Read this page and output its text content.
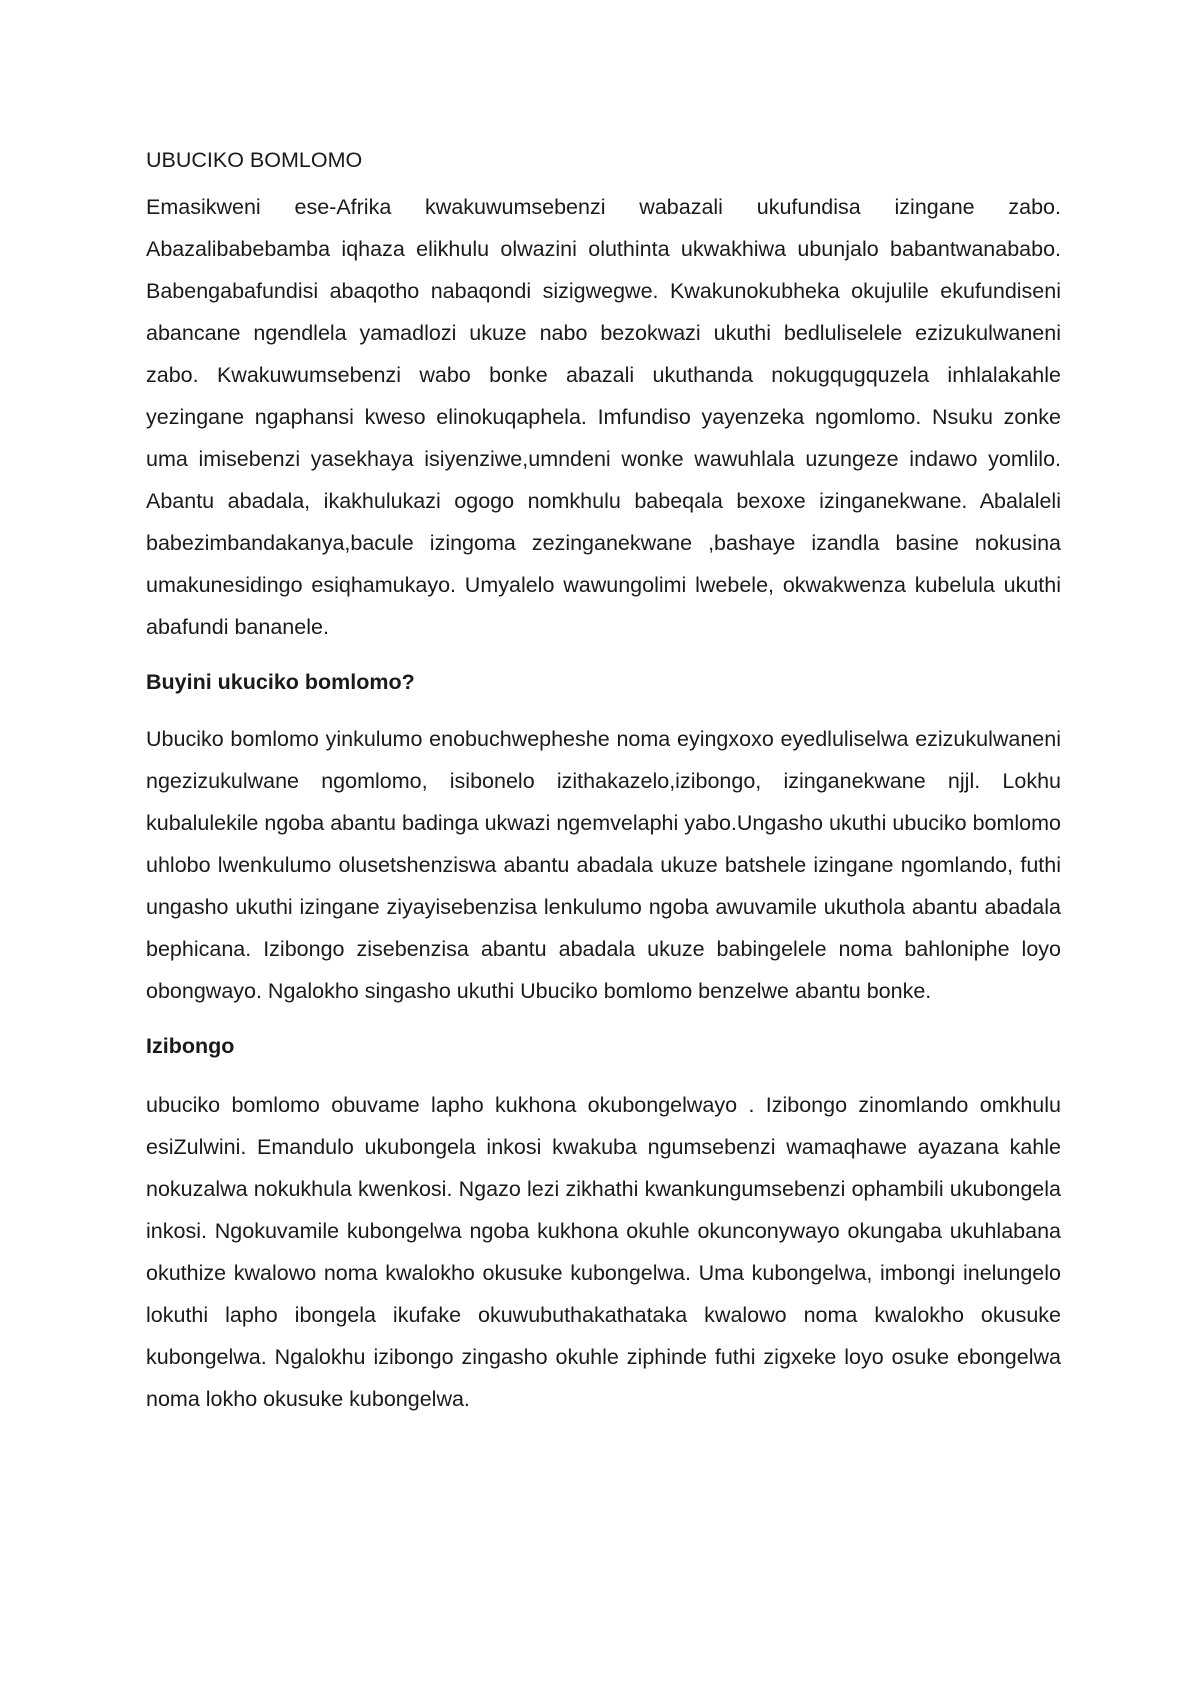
UBUCIKO BOMLOMO

Emasikweni ese-Afrika kwakuwumsebenzi wabazali ukufundisa izingane zabo. Abazalibabebamba iqhaza elikhulu olwazini oluthinta ukwakhiwa ubunjalo babantwanababo. Babengabafundisi abaqotho nabaqondi sizigwegwe. Kwakunokubheka okujulile ekufundiseni abancane ngendlela yamadlozi ukuze nabo bezokwazi ukuthi bedluliselele ezizukulwaneni zabo. Kwakuwumsebenzi wabo bonke abazali ukuthanda nokugqugquzela inhlalakahle yezingane ngaphansi kweso elinokuqaphela. Imfundiso yayenzeka ngomlomo. Nsuku zonke uma imisebenzi yasekhaya isiyenziwe,umndeni wonke wawuhlala uzungeze indawo yomlilo. Abantu abadala, ikakhulukazi ogogo nomkhulu babeqala bexoxe izinganekwane. Abalaleli babezimbandakanya,bacule izingoma zezinganekwane ,bashaye izandla basine nokusina umakunesidingo esiqhamukayo. Umyalelo wawungolimi lwebele, okwakwenza kubelula ukuthi abafundi bananele.

Buyini ukuciko bomlomo?

Ubuciko bomlomo yinkulumo enobuchwepheshe noma eyingxoxo eyedluliselwa ezizukulwaneni ngezizukulwane ngomlomo, isibonelo izithakazelo,izibongo, izinganekwane njjl. Lokhu kubalulekile ngoba abantu badinga ukwazi ngemvelaphi yabo.Ungasho ukuthi ubuciko bomlomo uhlobo lwenkulumo olusetshenziswa abantu abadala ukuze batshele izingane ngomlando, futhi ungasho ukuthi izingane ziyayisebenzisa lenkulumo ngoba awuvamile ukuthola abantu abadala bephicana. Izibongo zisebenzisa abantu abadala ukuze babingelele noma bahloniphe loyo obongwayo. Ngalokho singasho ukuthi Ubuciko bomlomo benzelwe abantu bonke.

Izibongo

ubuciko bomlomo obuvame lapho kukhona okubongelwayo . Izibongo zinomlando omkhulu esiZulwini. Emandulo ukubongela inkosi kwakuba ngumsebenzi wamaqhawe ayazana kahle nokuzalwa nokukhula kwenkosi. Ngazo lezi zikhathi kwankungumsebenzi ophambili ukubongela inkosi. Ngokuvamile kubongelwa ngoba kukhona okuhle okunconywayo okungaba ukuhlabana okuthize kwalowo noma kwalokho okusuke kubongelwa. Uma kubongelwa, imbongi inelungelo lokuthi lapho ibongela ikufake okuwubuthakathataka kwalowo noma kwalokho okusuke kubongelwa. Ngalokhu izibongo zingasho okuhle ziphinde futhi zigxeke loyo osuke ebongelwa noma lokho okusuke kubongelwa.
